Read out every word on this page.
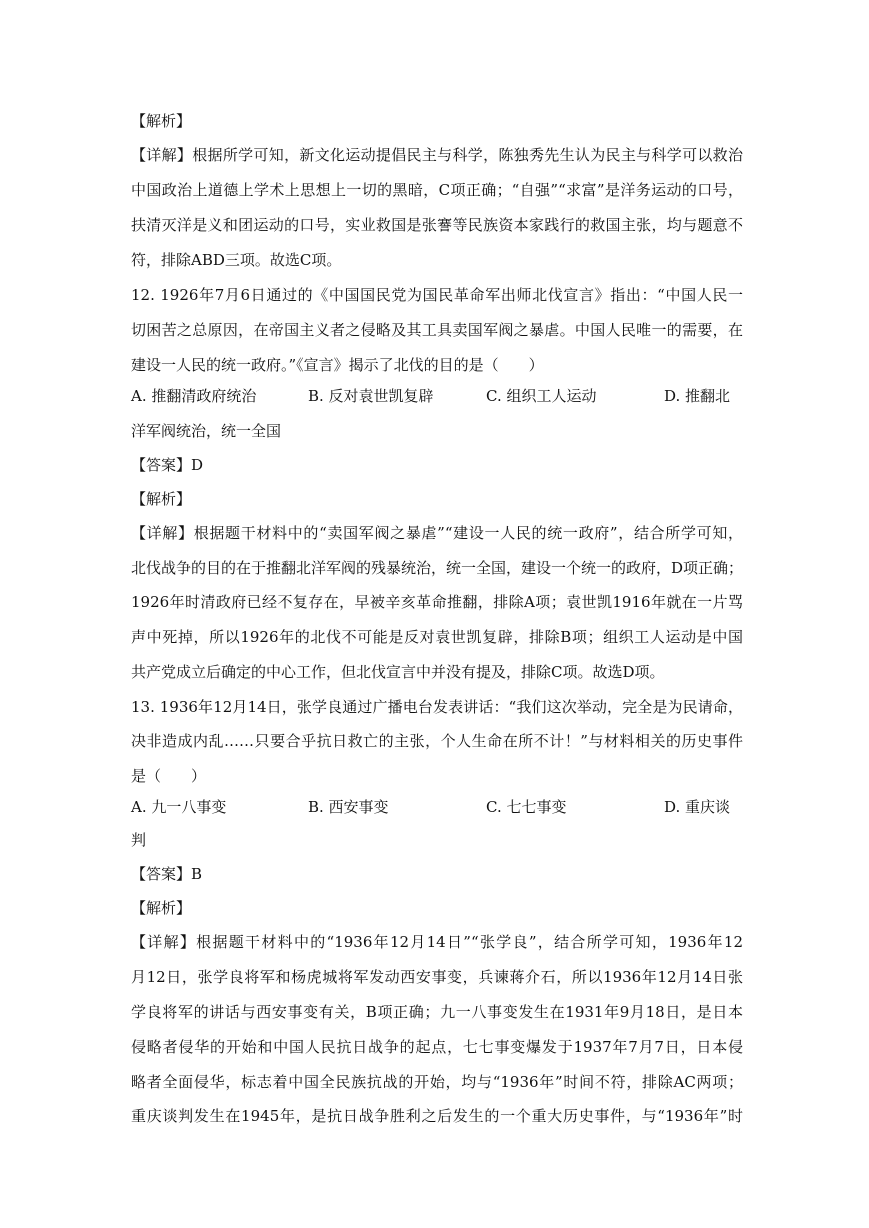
【解析】
【详解】根据所学可知，新文化运动提倡民主与科学，陈独秀先生认为民主与科学可以救治
中国政治上道德上学术上思想上一切的黑暗，C项正确；“自强”“求富”是洋务运动的口号，
扶清灭洋是义和团运动的口号，实业救国是张謇等民族资本家践行的救国主张，均与题意不
符，排除ABD三项。故选C项。
12. 1926年7月6日通过的《中国国民党为国民革命军出师北伐宣言》指出：“中国人民一
切困苦之总原因，在帝国主义者之侵略及其工具卖国军阀之暴虐。中国人民唯一的需要，在
建设一人民的统一政府。”《宣言》揭示了北伐的目的是（　　）
A. 推翻清政府统治	B. 反对袁世凯复辟	C. 组织工人运动	D. 推翻北
洋军阀统治，统一全国
【答案】D
【解析】
【详解】根据题干材料中的“卖国军阀之暴虐”“建设一人民的统一政府”，结合所学可知，
北伐战争的目的在于推翻北洋军阀的残暴统治，统一全国，建设一个统一的政府，D项正确；
1926年时清政府已经不复存在，早被辛亥革命推翻，排除A项；袁世凯1916年就在一片骂
声中死掉，所以1926年的北伐不可能是反对袁世凯复辟，排除B项；组织工人运动是中国
共产党成立后确定的中心工作，但北伐宣言中并没有提及，排除C项。故选D项。
13. 1936年12月14日，张学良通过广播电台发表讲话：“我们这次举动，完全是为民请命，
决非造成内乱……只要合乎抗日救亡的主张，个人生命在所不计！”与材料相关的历史事件
是（　　）
A. 九一八事变	B. 西安事变	C. 七七事变	D. 重庆谈
判
【答案】B
【解析】
【详解】根据题干材料中的“1936年12月14日”“张学良”，结合所学可知，1936年12
月12日，张学良将军和杨虎城将军发动西安事变，兵谏蒋介石，所以1936年12月14日张
学良将军的讲话与西安事变有关，B项正确；九一八事变发生在1931年9月18日，是日本
侵略者侵华的开始和中国人民抗日战争的起点，七七事变爆发于1937年7月7日，日本侵
略者全面侵华，标志着中国全民族抗战的开始，均与“1936年”时间不符，排除AC两项；
重庆谈判发生在1945年，是抗日战争胜利之后发生的一个重大历史事件，与“1936年”时
